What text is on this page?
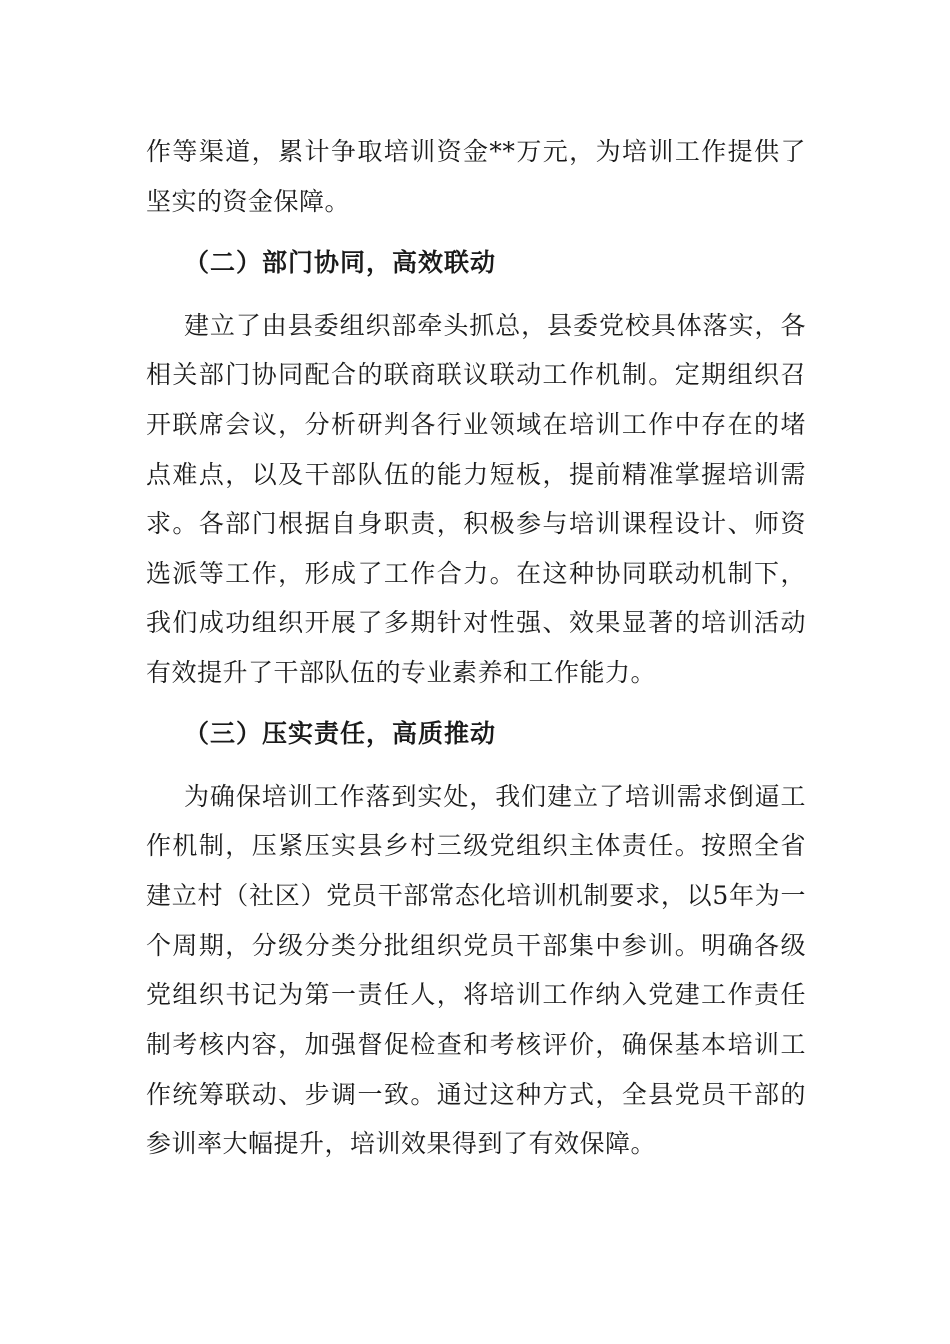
作等渠道，累计争取培训资金**万元，为培训工作提供了
坚实的资金保障。
（二）部门协同，高效联动
建立了由县委组织部牵头抓总，县委党校具体落实，各
相关部门协同配合的联商联议联动工作机制。定期组织召
开联席会议，分析研判各行业领域在培训工作中存在的堵
点难点，以及干部队伍的能力短板，提前精准掌握培训需
求。各部门根据自身职责，积极参与培训课程设计、师资
选派等工作，形成了工作合力。在这种协同联动机制下，
我们成功组织开展了多期针对性强、效果显著的培训活动
有效提升了干部队伍的专业素养和工作能力。
（三）压实责任，高质推动
为确保培训工作落到实处，我们建立了培训需求倒逼工
作机制，压紧压实县乡村三级党组织主体责任。按照全省
建立村（社区）党员干部常态化培训机制要求，以5年为一
个周期，分级分类分批组织党员干部集中参训。明确各级
党组织书记为第一责任人，将培训工作纳入党建工作责任
制考核内容，加强督促检查和考核评价，确保基本培训工
作统筹联动、步调一致。通过这种方式，全县党员干部的
参训率大幅提升，培训效果得到了有效保障。
